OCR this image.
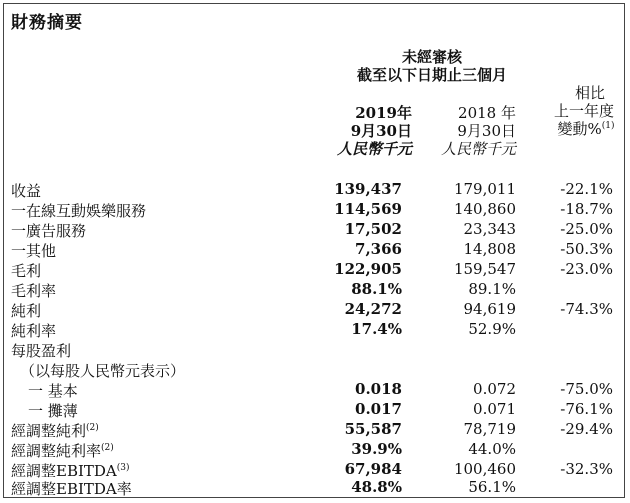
財務摘要
未經審核
截至以下日期止三個月
相比
上一年度
變動%$^{(1)}$
2019年
9月30日
人民幣千元
2018 年
9月30日
人民幣千元
收益	139,437	179,011	-22.1%
一在線互動娛樂服務	114,569	140,860	-18.7%
一廣告服務	17,502	23,343	-25.0%
一其他	7,366	14,808	-50.3%
毛利	122,905	159,547	-23.0%
毛利率	88.1%	89.1%
純利	24,272	94,619	-74.3%
純利率	17.4%	52.9%
每股盈利
（以每股人民幣元表示）
一 基本	0.018	0.072	-75.0%
一 攤薄	0.017	0.071	-76.1%
經調整純利$^{(2)}$	55,587	78,719	-29.4%
經調整純利率$^{(2)}$	39.9%	44.0%
經調整EBITDA$^{(3)}$	67,984	100,460	-32.3%
經調整EBITDA率	48.8%	56.1%
